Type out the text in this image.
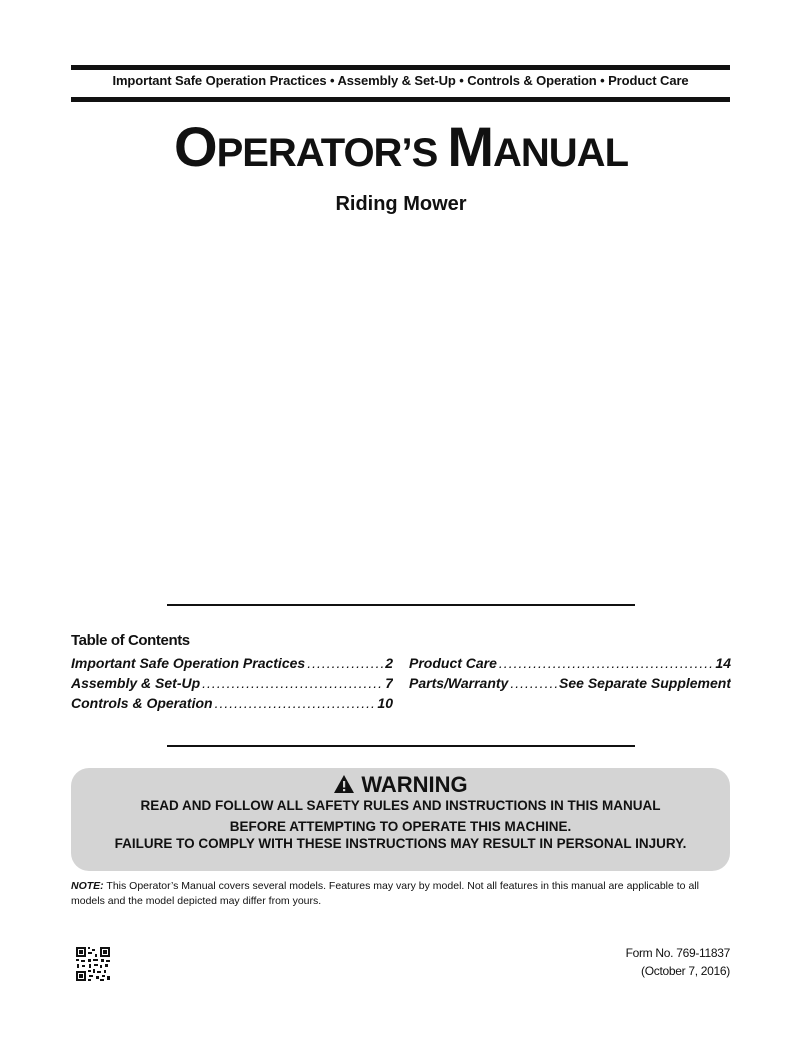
Important Safe Operation Practices • Assembly & Set-Up • Controls & Operation • Product Care
OPERATOR’S MANUAL
Riding Mower
Table of Contents
Important Safe Operation Practices .....	2
Assembly & Set-Up .....	7
Controls & Operation .....	10
Product Care .....	14
Parts/Warranty .....	See Separate Supplement
WARNING
READ AND FOLLOW ALL SAFETY RULES AND INSTRUCTIONS IN THIS MANUAL
BEFORE ATTEMPTING TO OPERATE THIS MACHINE.
FAILURE TO COMPLY WITH THESE INSTRUCTIONS MAY RESULT IN PERSONAL INJURY.
NOTE: This Operator’s Manual covers several models. Features may vary by model. Not all features in this manual are applicable to all models and the model depicted may differ from yours.
Form No. 769-11837
(October 7, 2016)
